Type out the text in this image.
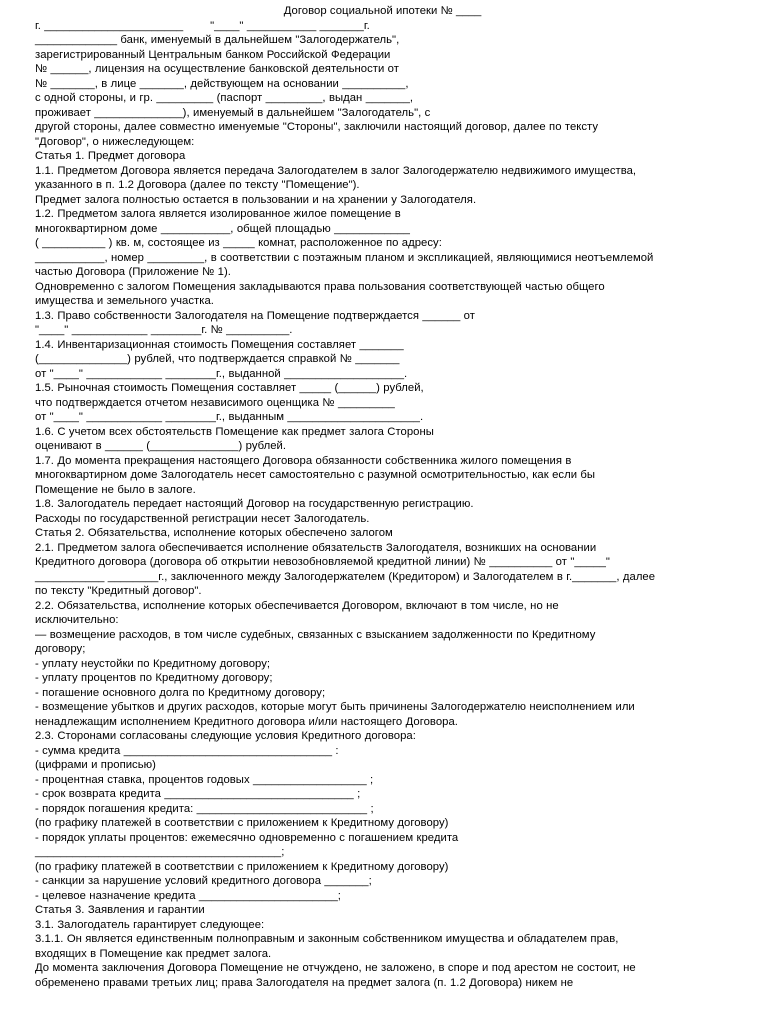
Договор социальной ипотеки № ____
г. ______________________        "____" ___________ _______г.
_____________ банк, именуемый в дальнейшем "Залогодержатель",
зарегистрированный Центральным банком Российской Федерации
№ ______, лицензия на осуществление банковской деятельности от
№ _______, в лице _______, действующем на основании __________,
с одной стороны, и гр. _________ (паспорт _________, выдан _______,
проживает ______________), именуемый в дальнейшем "Залогодатель", с
другой стороны, далее совместно именуемые "Стороны", заключили настоящий договор, далее по тексту
"Договор", о нижеследующем:
Статья 1. Предмет договора
1.1. Предметом Договора является передача Залогодателем в залог Залогодержателю недвижимого имущества,
указанного в п. 1.2 Договора (далее по тексту "Помещение").
Предмет залога полностью остается в пользовании и на хранении у Залогодателя.
1.2. Предметом залога является изолированное жилое помещение в
многоквартирном доме ___________, общей площадью ____________
( __________ ) кв. м, состоящее из _____ комнат, расположенное по адресу:
___________, номер _________, в соответствии с поэтажным планом и экспликацией, являющимися неотъемлемой
частью Договора (Приложение № 1).
Одновременно с залогом Помещения закладываются права пользования соответствующей частью общего
имущества и земельного участка.
1.3. Право собственности Залогодателя на Помещение подтверждается ______ от
"____" ____________ ________г. № __________.
1.4. Инвентаризационная стоимость Помещения составляет _______
(______________) рублей, что подтверждается справкой № _______
от "____" ____________ ________г., выданной ___________________.
1.5. Рыночная стоимость Помещения составляет _____ (______) рублей,
что подтверждается отчетом независимого оценщика № _________
от "____" ____________ ________г., выданным _____________________.
1.6. С учетом всех обстоятельств Помещение как предмет залога Стороны
оценивают в ______ (______________) рублей.
1.7. До момента прекращения настоящего Договора обязанности собственника жилого помещения в
многоквартирном доме Залогодатель несет самостоятельно с разумной осмотрительностью, как если бы
Помещение не было в залоге.
1.8. Залогодатель передает настоящий Договор на государственную регистрацию.
Расходы по государственной регистрации несет Залогодатель.
Статья 2. Обязательства, исполнение которых обеспечено залогом
2.1. Предметом залога обеспечивается исполнение обязательств Залогодателя, возникших на основании
Кредитного договора (договора об открытии невозобновляемой кредитной линии) № __________ от "_____"
___________ ________г., заключенного между Залогодержателем (Кредитором) и Залогодателем в г._______, далее
по тексту "Кредитный договор".
2.2. Обязательства, исполнение которых обеспечивается Договором, включают в том числе, но не
исключительно:
— возмещение расходов, в том числе судебных, связанных с взысканием задолженности по Кредитному
договору;
- уплату неустойки по Кредитному договору;
- уплату процентов по Кредитному договору;
- погашение основного долга по Кредитному договору;
- возмещение убытков и других расходов, которые могут быть причинены Залогодержателю неисполнением или
ненадлежащим исполнением Кредитного договора и/или настоящего Договора.
2.3. Сторонами согласованы следующие условия Кредитного договора:
- сумма кредита _________________________________ :
(цифрами и прописью)
- процентная ставка, процентов годовых __________________ ;
- срок возврата кредита ______________________________ ;
- порядок погашения кредита: ___________________________ ;
(по графику платежей в соответствии с приложением к Кредитному договору)
- порядок уплаты процентов: ежемесячно одновременно с погашением кредита
_______________________________________;
(по графику платежей в соответствии с приложением к Кредитному договору)
- санкции за нарушение условий кредитного договора _______;
- целевое назначение кредита ______________________;
Статья 3. Заявления и гарантии
3.1. Залогодатель гарантирует следующее:
3.1.1. Он является единственным полноправным и законным собственником имущества и обладателем прав,
входящих в Помещение как предмет залога.
До момента заключения Договора Помещение не отчуждено, не заложено, в споре и под арестом не состоит, не
обременено правами третьих лиц; права Залогодателя на предмет залога (п. 1.2 Договора) никем не
